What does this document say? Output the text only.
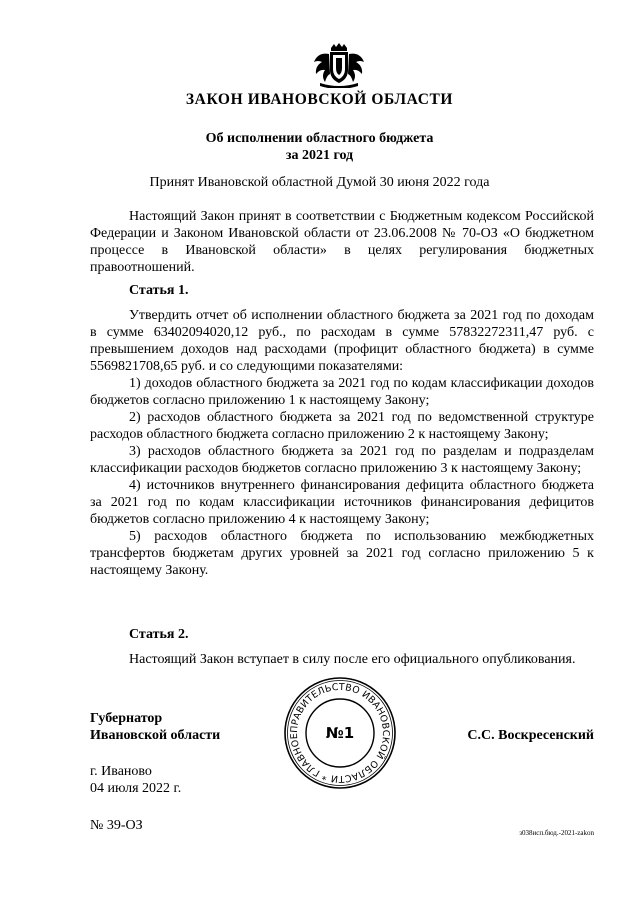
ЗАКОН ИВАНОВСКОЙ ОБЛАСТИ
Об исполнении областного бюджета
за 2021 год
Принят Ивановской областной Думой 30 июня 2022 года

Настоящий Закон принят в соответствии с Бюджетным кодексом Российской Федерации и Законом Ивановской области от 23.06.2008 № 70-ОЗ «О бюджетном процессе в Ивановской области» в целях регулирования бюджетных правоотношений.

Статья 1.

Утвердить отчет об исполнении областного бюджета за 2021 год по доходам в сумме 63402094020,12 руб., по расходам в сумме 57832272311,47 руб. с превышением доходов над расходами (профицит областного бюджета) в сумме 5569821708,65 руб. и со следующими показателями:

1) доходов областного бюджета за 2021 год по кодам классификации доходов бюджетов согласно приложению 1 к настоящему Закону;

2) расходов областного бюджета за 2021 год по ведомственной структуре расходов областного бюджета согласно приложению 2 к настоящему Закону;

3) расходов областного бюджета за 2021 год по разделам и подразделам классификации расходов бюджетов согласно приложению 3 к настоящему Закону;

4) источников внутреннего финансирования дефицита областного бюджета за 2021 год по кодам классификации источников финансирования дефицитов бюджетов согласно приложению 4 к настоящему Закону;

5) расходов областного бюджета по использованию межбюджетных трансфертов бюджетам других уровней за 2021 год согласно приложению 5 к настоящему Закону.

Статья 2.

Настоящий Закон вступает в силу после его официального опубликования.

Губернатор
Ивановской области	ПРАВИТЕЛЬСТВО ИВАНОВСКОЙ ОБЛАСТИ * ГЛАВНОЕ	№1	С.С. Воскресенский
г. Иваново
04 июля 2022 г.
№ 39-ОЗ	з038исп.бюд.-2021-zakon
